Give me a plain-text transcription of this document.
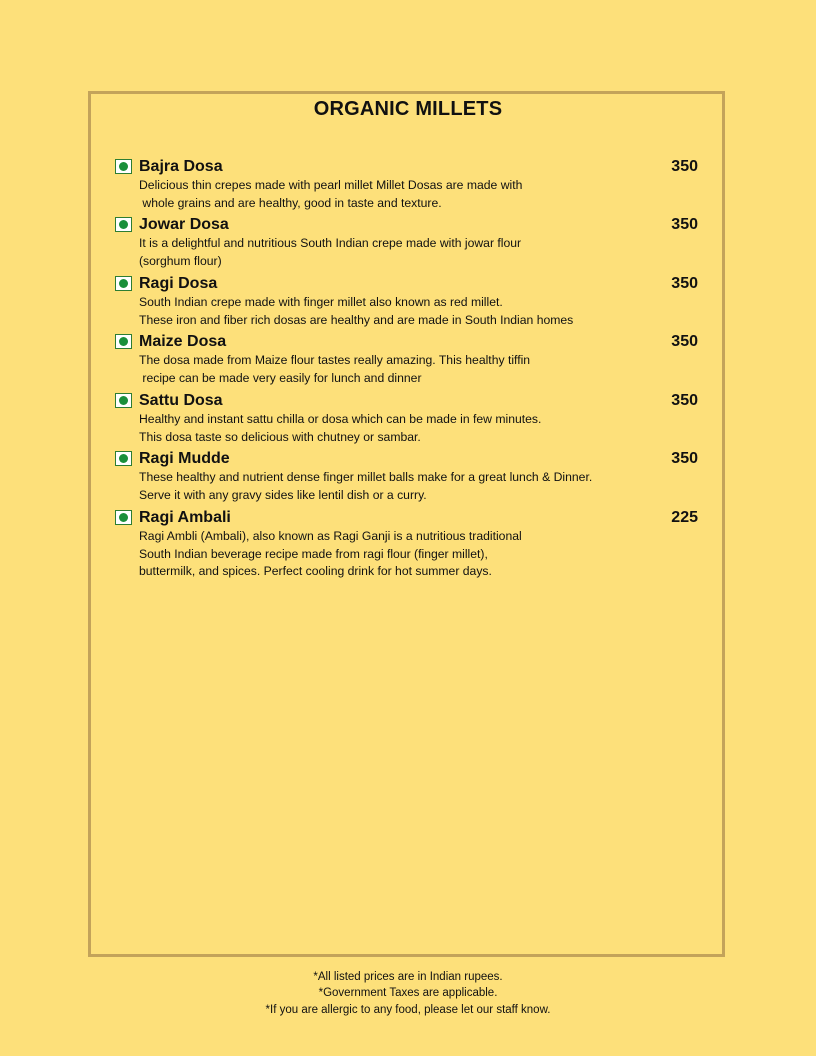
ORGANIC MILLETS
Bajra Dosa	350
Delicious thin crepes made with pearl millet Millet Dosas are made with
whole grains and are healthy, good in taste and texture.
Jowar Dosa	350
It is a delightful and nutritious South Indian crepe made with jowar flour
(sorghum flour)
Ragi Dosa	350
South Indian crepe made with finger millet also known as red millet.
These iron and fiber rich dosas are healthy and are made in South Indian homes
Maize Dosa	350
The dosa made from Maize flour tastes really amazing. This healthy tiffin
recipe can be made very easily for lunch and dinner
Sattu Dosa	350
Healthy and instant sattu chilla or dosa which can be made in few minutes.
This dosa taste so delicious with chutney or sambar.
Ragi Mudde	350
These healthy and nutrient dense finger millet balls make for a great lunch & Dinner.
Serve it with any gravy sides like lentil dish or a curry.
Ragi Ambali	225
Ragi Ambli (Ambali), also known as Ragi Ganji is a nutritious traditional
South Indian beverage recipe made from ragi flour (finger millet),
buttermilk, and spices. Perfect cooling drink for hot summer days.
*All listed prices are in Indian rupees.
*Government Taxes are applicable.
*If you are allergic to any food, please let our staff know.
